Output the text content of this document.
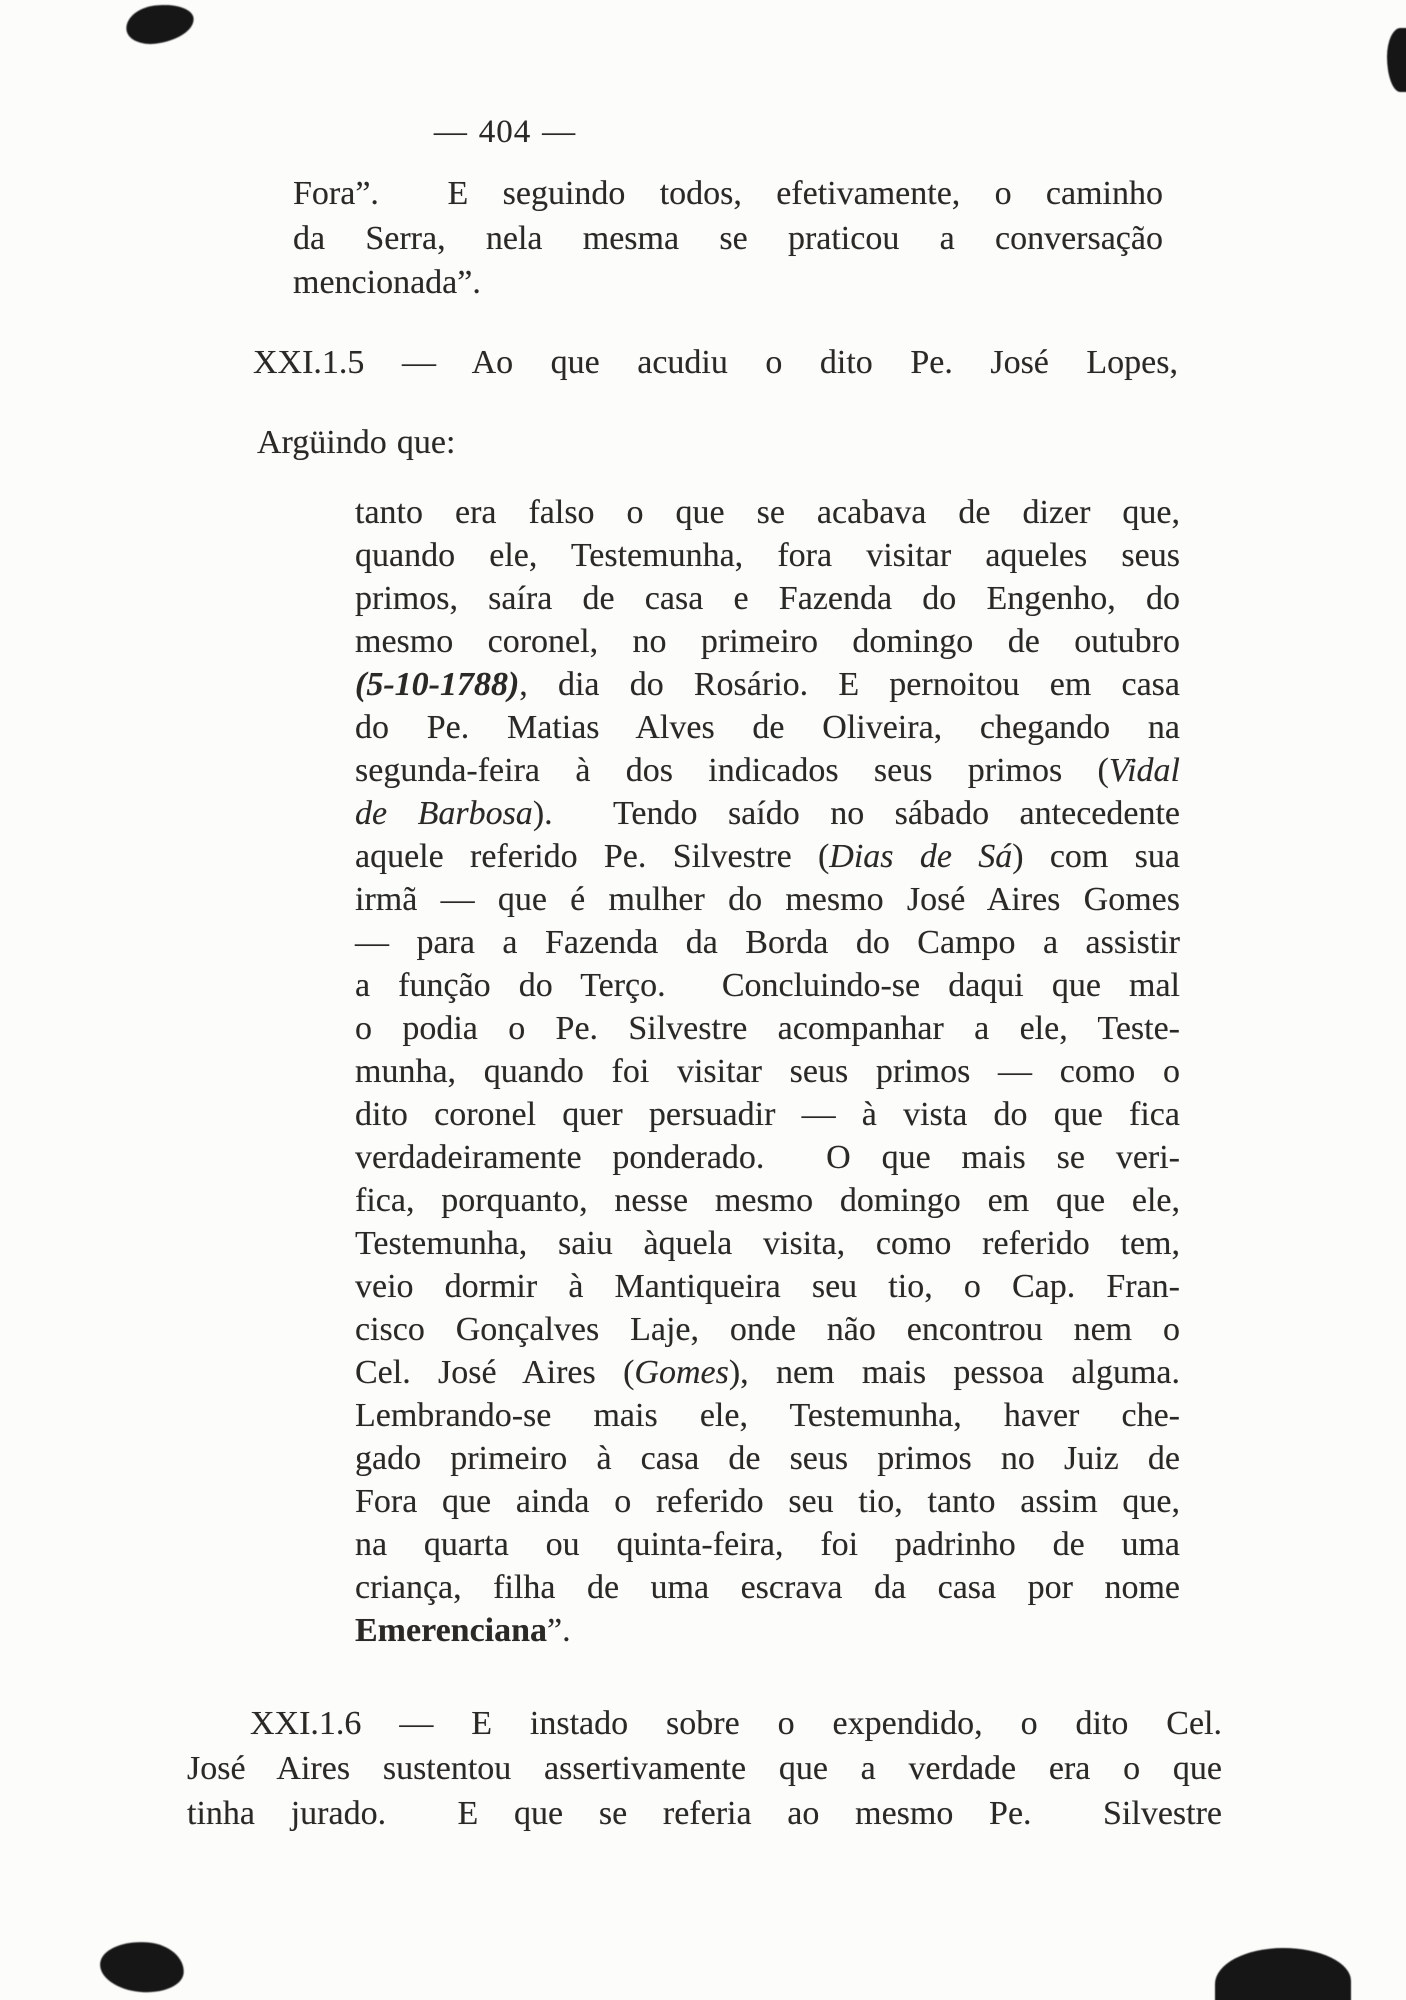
— 404 —
Fora”.  E seguindo todos, efetivamente, o caminho
da Serra, nela mesma se praticou a conversação
mencionada”.
XXI.1.5 — Ao que acudiu o dito Pe. José Lopes,
Argüindo que:
tanto era falso o que se acabava de dizer que,
quando ele, Testemunha, fora visitar aqueles seus
primos, saíra de casa e Fazenda do Engenho, do
mesmo coronel, no primeiro domingo de outubro
(5-10-1788), dia do Rosário. E pernoitou em casa
do Pe. Matias Alves de Oliveira, chegando na
segunda-feira à dos indicados seus primos (Vidal
de Barbosa).  Tendo saído no sábado antecedente
aquele referido Pe. Silvestre (Dias de Sá) com sua
irmã — que é mulher do mesmo José Aires Gomes
— para a Fazenda da Borda do Campo a assistir
a função do Terço.  Concluindo-se daqui que mal
o podia o Pe. Silvestre acompanhar a ele, Teste-
munha, quando foi visitar seus primos — como o
dito coronel quer persuadir — à vista do que fica
verdadeiramente ponderado.  O que mais se veri-
fica, porquanto, nesse mesmo domingo em que ele,
Testemunha, saiu àquela visita, como referido tem,
veio dormir à Mantiqueira seu tio, o Cap. Fran-
cisco Gonçalves Laje, onde não encontrou nem o
Cel. José Aires (Gomes), nem mais pessoa alguma.
Lembrando-se mais ele, Testemunha, haver che-
gado primeiro à casa de seus primos no Juiz de
Fora que ainda o referido seu tio, tanto assim que,
na quarta ou quinta-feira, foi padrinho de uma
criança, filha de uma escrava da casa por nome
Emerenciana”.
XXI.1.6 — E instado sobre o expendido, o dito Cel.
José Aires sustentou assertivamente que a verdade era o que
tinha jurado.  E que se referia ao mesmo Pe.  Silvestre
